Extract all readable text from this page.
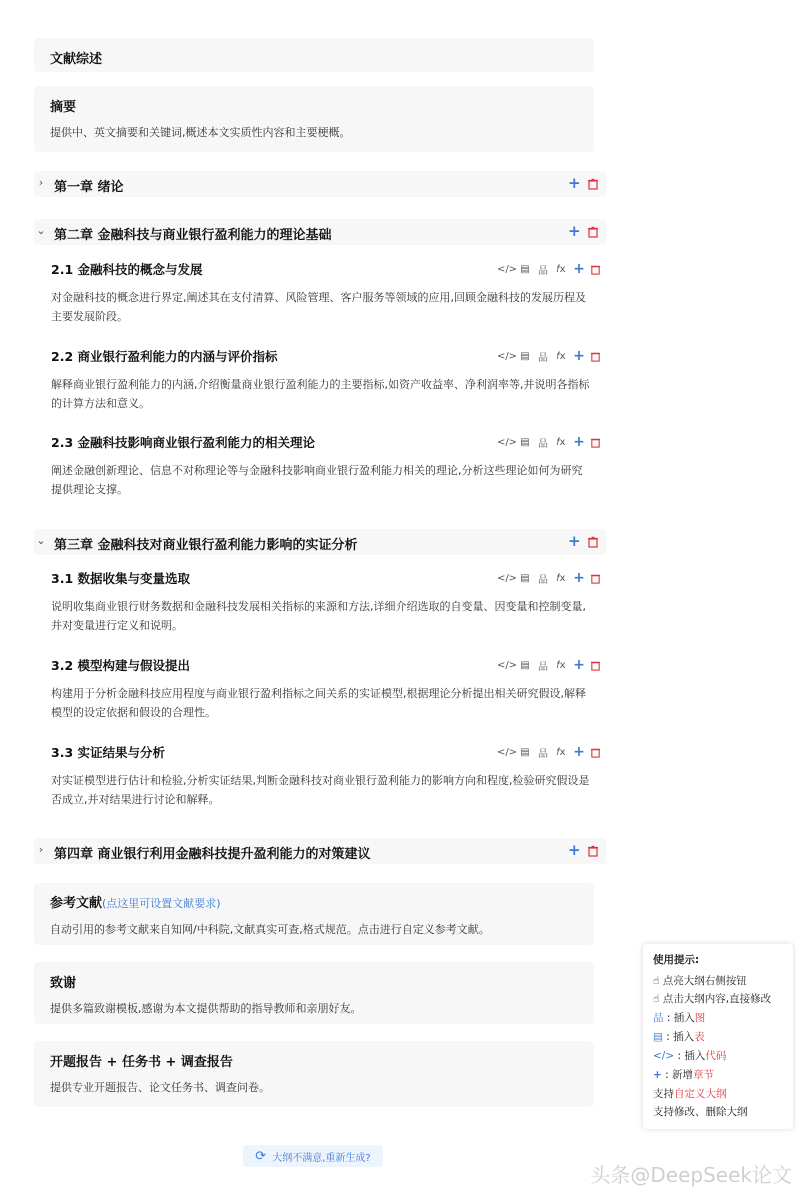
文献综述
摘要
提供中、英文摘要和关键词,概述本文实质性内容和主要梗概。
› 第一章 绪论	+
⌄ 第二章 金融科技与商业银行盈利能力的理论基础	+
2.1 金融科技的概念与发展	</> ▤ 品 𝑓x +
对金融科技的概念进行界定,阐述其在支付清算、风险管理、客户服务等领域的应用,回顾金融科技的发展历程及主要发展阶段。
2.2 商业银行盈利能力的内涵与评价指标	</> ▤ 品 𝑓x +
解释商业银行盈利能力的内涵,介绍衡量商业银行盈利能力的主要指标,如资产收益率、净利润率等,并说明各指标的计算方法和意义。
2.3 金融科技影响商业银行盈利能力的相关理论	</> ▤ 品 𝑓x +
阐述金融创新理论、信息不对称理论等与金融科技影响商业银行盈利能力相关的理论,分析这些理论如何为研究提供理论支撑。
⌄ 第三章 金融科技对商业银行盈利能力影响的实证分析	+
3.1 数据收集与变量选取	</> ▤ 品 𝑓x +
说明收集商业银行财务数据和金融科技发展相关指标的来源和方法,详细介绍选取的自变量、因变量和控制变量,并对变量进行定义和说明。
3.2 模型构建与假设提出	</> ▤ 品 𝑓x +
构建用于分析金融科技应用程度与商业银行盈利指标之间关系的实证模型,根据理论分析提出相关研究假设,解释模型的设定依据和假设的合理性。
3.3 实证结果与分析	</> ▤ 品 𝑓x +
对实证模型进行估计和检验,分析实证结果,判断金融科技对商业银行盈利能力的影响方向和程度,检验研究假设是否成立,并对结果进行讨论和解释。
› 第四章 商业银行利用金融科技提升盈利能力的对策建议	+
参考文献(点这里可设置文献要求)
自动引用的参考文献来自知网/中科院,文献真实可查,格式规范。点击进行自定义参考文献。
致谢
提供多篇致谢模板,感谢为本文提供帮助的指导教师和亲朋好友。
开题报告 + 任务书 + 调查报告
提供专业开题报告、论文任务书、调查问卷。
使用提示:
☝ 点亮大纲右侧按钮
☝ 点击大纲内容,直接修改
品 : 插入图
▤ : 插入表
</> : 插入代码
+ : 新增章节
支持自定义大纲
支持修改、删除大纲
⟳ 大纲不满意,重新生成?
头条@DeepSeek论文
